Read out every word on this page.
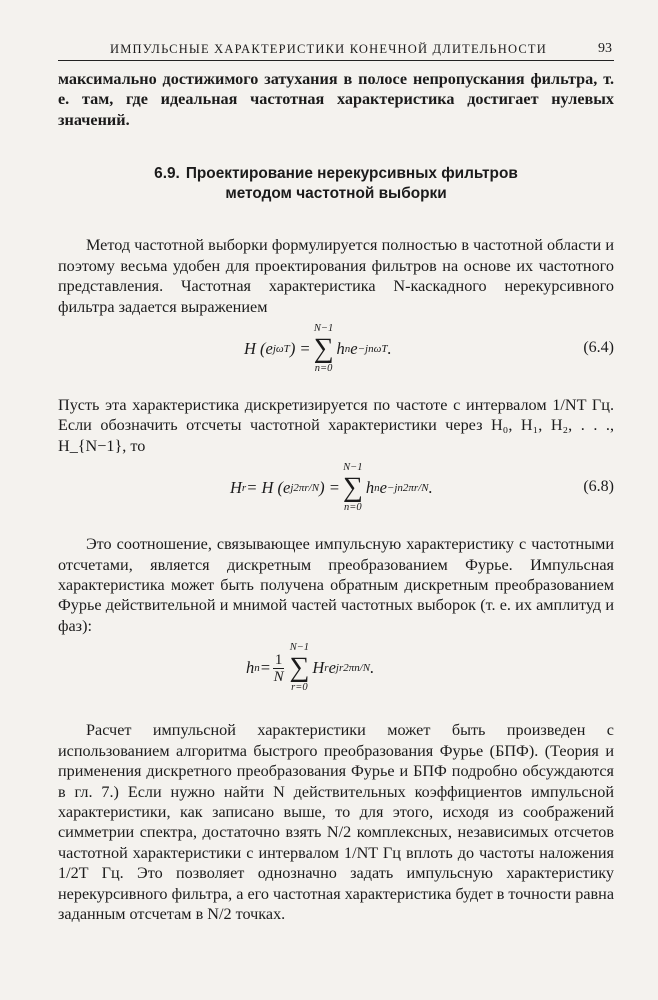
ИМПУЛЬСНЫЕ ХАРАКТЕРИСТИКИ КОНЕЧНОЙ ДЛИТЕЛЬНОСТИ	93

максимально достижимого затухания в полосе непропускания фильтра, т. е. там, где идеальная частотная характеристика достигает нулевых значений.

6.9. Проектирование нерекурсивных фильтров
методом частотной выборки

Метод частотной выборки формулируется полностью в частотной области и поэтому весьма удобен для проектирования фильтров на основе их частотного представления. Частотная характеристика N-каскадного нерекурсивного фильтра задается выражением

H (e jωT ) =
N−1
∑
n=0
h n e −jnωT .	(6.4)

Пусть эта характеристика дискретизируется по частоте с интервалом 1/NT Гц. Если обозначить отсчеты частотной характеристики через H₀, H₁, H₂, . . ., H_{N−1}, то

H r = H (e j2πr/N ) =
N−1
∑
n=0
h n e −jn2πr/N .	(6.8)

Это соотношение, связывающее импульсную характеристику с частотными отсчетами, является дискретным преобразованием Фурье. Импульсная характеристика может быть получена обратным дискретным преобразованием Фурье действительной и мнимой частей частотных выборок (т. е. их амплитуд и фаз):

h $n = \frac{1}{N}$
N−1
∑
r=0
H r e jr2πn/N .

Расчет импульсной характеристики может быть произведен с использованием алгоритма быстрого преобразования Фурье (БПФ). (Теория и применения дискретного преобразования Фурье и БПФ подробно обсуждаются в гл. 7.) Если нужно найти N действительных коэффициентов импульсной характеристики, как записано выше, то для этого, исходя из соображений симметрии спектра, достаточно взять N/2 комплексных, независимых отсчетов частотной характеристики с интервалом 1/NT Гц вплоть до частоты наложения 1/2T Гц. Это позволяет однозначно задать импульсную характеристику нерекурсивного фильтра, а его частотная характеристика будет в точности равна заданным отсчетам в N/2 точках.
